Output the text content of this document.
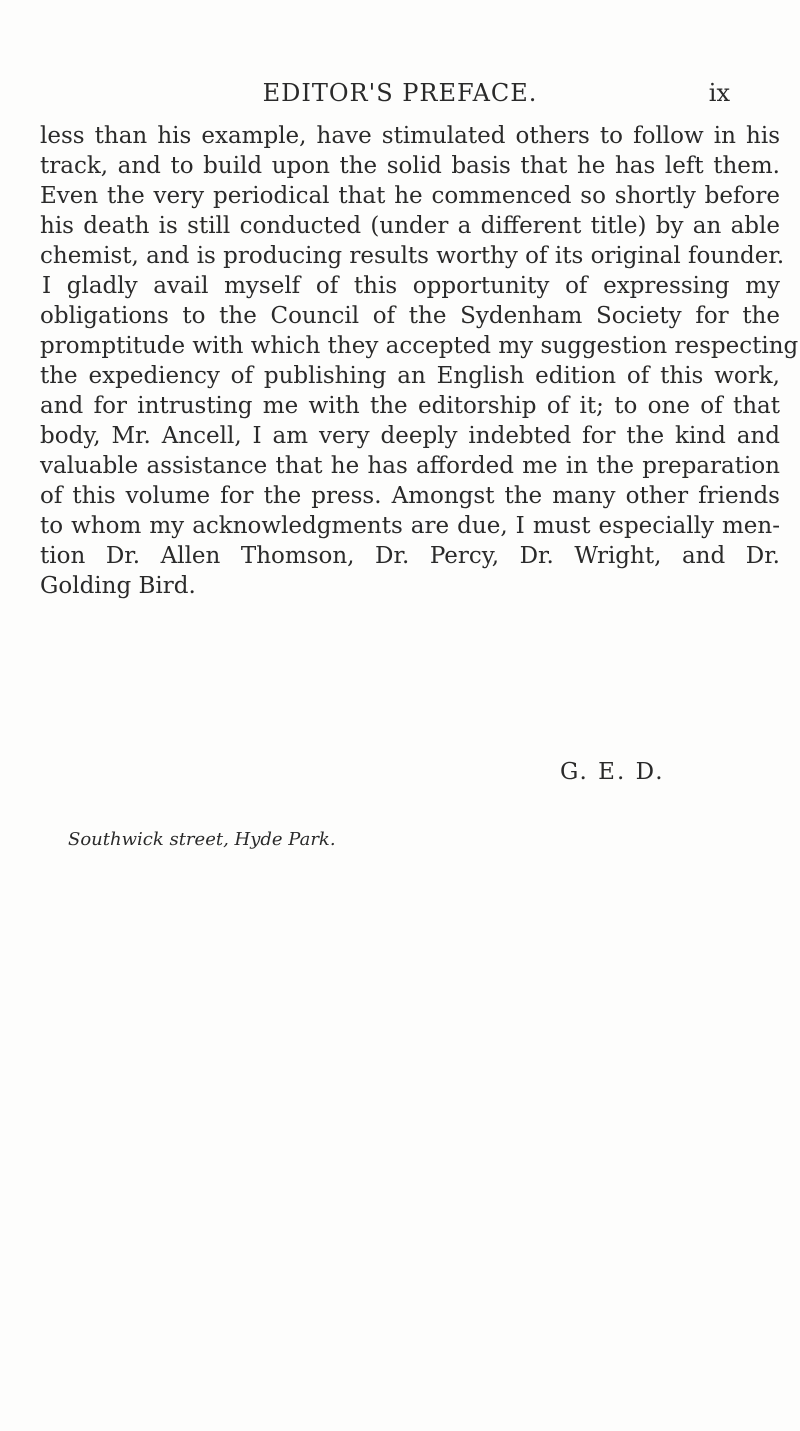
EDITOR'S PREFACE.	ix
less than his example, have stimulated others to follow in his
track, and to build upon the solid basis that he has left them.
Even the very periodical that he commenced so shortly before
his death is still conducted (under a different title) by an able
chemist, and is producing results worthy of its original founder.
I gladly avail myself of this opportunity of expressing my
obligations to the Council of the Sydenham Society for the
promptitude with which they accepted my suggestion respecting
the expediency of publishing an English edition of this work,
and for intrusting me with the editorship of it; to one of that
body, Mr. Ancell, I am very deeply indebted for the kind and
valuable assistance that he has afforded me in the preparation
of this volume for the press. Amongst the many other friends
to whom my acknowledgments are due, I must especially men-
tion Dr. Allen Thomson, Dr. Percy, Dr. Wright, and Dr.
Golding Bird.
G. E. D.
Southwick street, Hyde Park.
